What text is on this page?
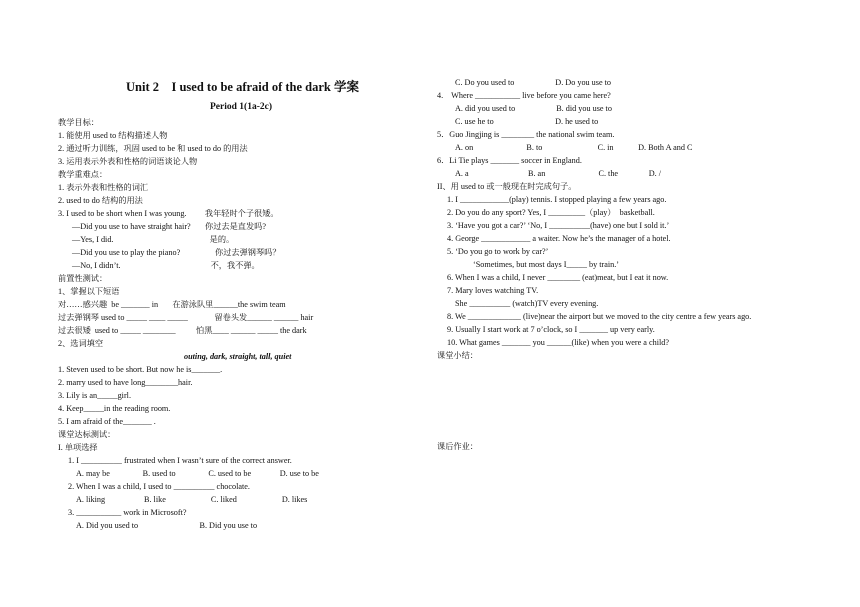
Unit 2    I used to be afraid of the dark 学案
Period 1(1a-2c)
教学目标：
1. 能使用 used to 结构描述人物
2. 通过听力训练，巩固 used to be 和 used to do 的用法
3. 运用表示外表和性格的词语谈论人物
教学重难点：
1. 表示外表和性格的词汇
2. used to do 结构的用法
3. I used to be short when I was young.         我年轻时个子很矮。
—Did you use to have straight hair?       你过去是直发吗?
—Yes, I did.                                               是的。
—Did you use to play the piano?                 你过去弹钢琴吗？
—No, I didn’t.                                            不，我不弹。
前置性测试：
1、掌握以下短语
对……感兴趣  be _______ in       在游泳队里______the swim team
过去弹钢琴 used to _____ ____ _____             留卷头发______ ______ hair
过去很矮  used to _____ ________          怕黑____ ______ _____ the dark
2、选词填空
1. Steven used to be short. But now he is_______.
2. marry used to have long________hair.
3. Lily is an_____girl.
4. Keep_____in the reading room.
5. I am afraid of the_______ .
课堂达标测试：
I. 单项选择
1. I __________ frustrated when I wasn’t sure of the correct answer.
A. may be                B. used to                C. used to be              D. use to be
2. When I was a child, I used to __________ chocolate.
A. liking                   B. like                      C. liked                      D. likes
3. ___________ work in Microsoft?
A. Did you used to                              B. Did you use to
outing, dark, straight, tall, quiet
C. Do you used to                    D. Do you use to
4.    Where ___________ live before you came here?
A. did you used to                    B. did you use to
C. use he to                              D. he used to
5．Guo Jingjing is ________ the national swim team.
A. on                          B. to                           C. in            D. Both A and C
6．Li Tie plays _______ soccer in England.
A. a                             B. an                          C. the               D. /
II、用 used to 或一般现在时完成句子。
1. I ____________(play) tennis. I stopped playing a few years ago.
2. Do you do any sport? Yes, I _________（play）  basketball.
3. ‘Have you got a car?’ ‘No, I __________(have) one but I sold it.’
4. George ____________ a waiter. Now he’s the manager of a hotel.
5. ‘Do you go to work by car?’
‘Sometimes, but most days I_____ by train.’
6. When I was a child, I never ________ (eat)meat, but I eat it now.
7. Mary loves watching TV.
She __________ (watch)TV every evening.
8. We _____________ (live)near the airport but we moved to the city centre a few years ago.
9. Usually I start work at 7 o’clock, so I _______ up very early.
10. What games _______ you ______(like) when you were a child?
课堂小结：
课后作业：
